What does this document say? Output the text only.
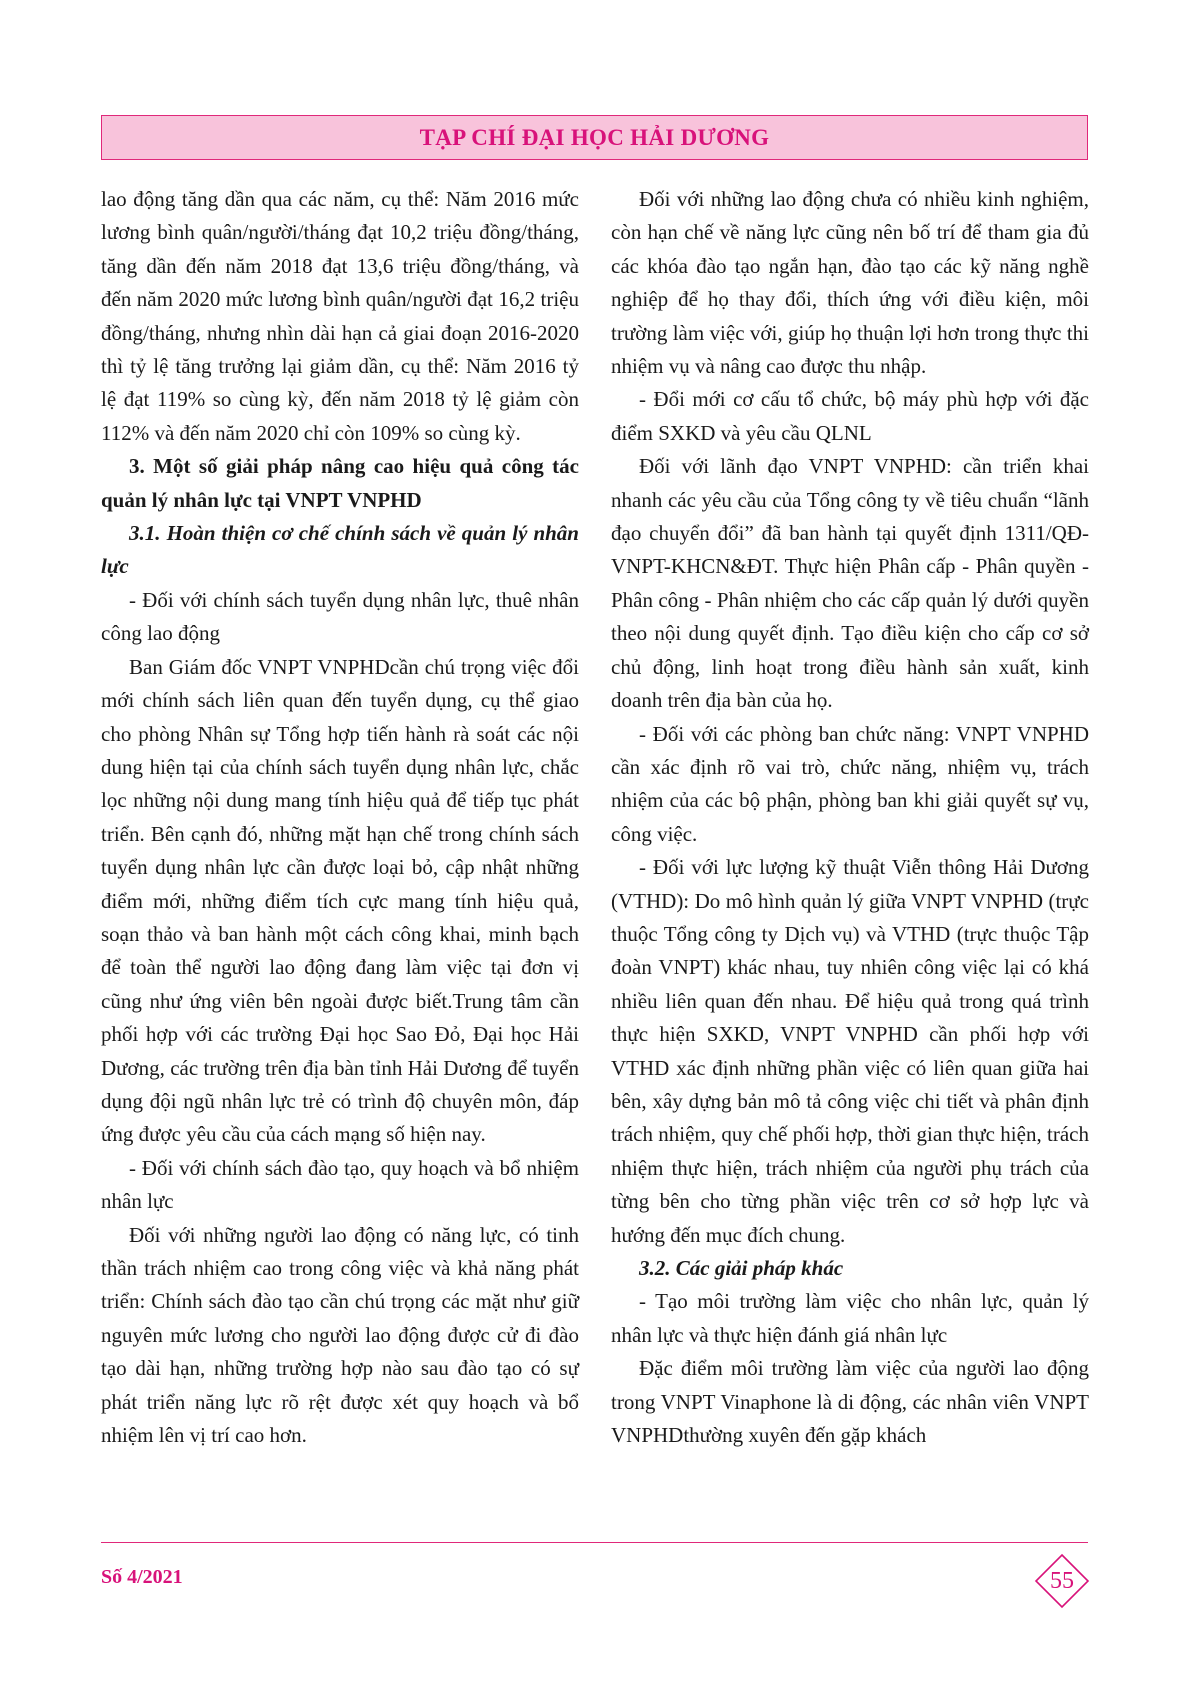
TẠP CHÍ ĐẠI HỌC HẢI DƯƠNG

lao động tăng dần qua các năm, cụ thể: Năm 2016 mức lương bình quân/người/tháng đạt 10,2 triệu đồng/tháng, tăng dần đến năm 2018 đạt 13,6 triệu đồng/tháng, và đến năm 2020 mức lương bình quân/người đạt 16,2 triệu đồng/tháng, nhưng nhìn dài hạn cả giai đoạn 2016-2020 thì tỷ lệ tăng trưởng lại giảm dần, cụ thể: Năm 2016 tỷ lệ đạt 119% so cùng kỳ, đến năm 2018 tỷ lệ giảm còn 112% và đến năm 2020 chỉ còn 109% so cùng kỳ.

3. Một số giải pháp nâng cao hiệu quả công tác quản lý nhân lực tại VNPT VNPHD

3.1. Hoàn thiện cơ chế chính sách về quản lý nhân lực

- Đối với chính sách tuyển dụng nhân lực, thuê nhân công lao động

Ban Giám đốc VNPT VNPHDcần chú trọng việc đổi mới chính sách liên quan đến tuyển dụng, cụ thể giao cho phòng Nhân sự Tổng hợp tiến hành rà soát các nội dung hiện tại của chính sách tuyển dụng nhân lực, chắc lọc những nội dung mang tính hiệu quả để tiếp tục phát triển. Bên cạnh đó, những mặt hạn chế trong chính sách tuyển dụng nhân lực cần được loại bỏ, cập nhật những điểm mới, những điểm tích cực mang tính hiệu quả, soạn thảo và ban hành một cách công khai, minh bạch để toàn thể người lao động đang làm việc tại đơn vị cũng như ứng viên bên ngoài được biết.Trung tâm cần phối hợp với các trường Đại học Sao Đỏ, Đại học Hải Dương, các trường trên địa bàn tỉnh Hải Dương để tuyển dụng đội ngũ nhân lực trẻ có trình độ chuyên môn, đáp ứng được yêu cầu của cách mạng số hiện nay.

- Đối với chính sách đào tạo, quy hoạch và bổ nhiệm nhân lực

Đối với những người lao động có năng lực, có tinh thần trách nhiệm cao trong công việc và khả năng phát triển: Chính sách đào tạo cần chú trọng các mặt như giữ nguyên mức lương cho người lao động được cử đi đào tạo dài hạn, những trường hợp nào sau đào tạo có sự phát triển năng lực rõ rệt được xét quy hoạch và bổ nhiệm lên vị trí cao hơn.

Đối với những lao động chưa có nhiều kinh nghiệm, còn hạn chế về năng lực cũng nên bố trí để tham gia đủ các khóa đào tạo ngắn hạn, đào tạo các kỹ năng nghề nghiệp để họ thay đổi, thích ứng với điều kiện, môi trường làm việc với, giúp họ thuận lợi hơn trong thực thi nhiệm vụ và nâng cao được thu nhập.

- Đổi mới cơ cấu tổ chức, bộ máy phù hợp với đặc điểm SXKD và yêu cầu QLNL

Đối với lãnh đạo VNPT VNPHD: cần triển khai nhanh các yêu cầu của Tổng công ty về tiêu chuẩn “lãnh đạo chuyển đổi” đã ban hành tại quyết định 1311/QĐ-VNPT-KHCN&ĐT. Thực hiện Phân cấp - Phân quyền - Phân công - Phân nhiệm cho các cấp quản lý dưới quyền theo nội dung quyết định. Tạo điều kiện cho cấp cơ sở chủ động, linh hoạt trong điều hành sản xuất, kinh doanh trên địa bàn của họ.

- Đối với các phòng ban chức năng: VNPT VNPHD cần xác định rõ vai trò, chức năng, nhiệm vụ, trách nhiệm của các bộ phận, phòng ban khi giải quyết sự vụ, công việc.

- Đối với lực lượng kỹ thuật Viễn thông Hải Dương (VTHD): Do mô hình quản lý giữa VNPT VNPHD (trực thuộc Tổng công ty Dịch vụ) và VTHD (trực thuộc Tập đoàn VNPT) khác nhau, tuy nhiên công việc lại có khá nhiều liên quan đến nhau. Để hiệu quả trong quá trình thực hiện SXKD, VNPT VNPHD cần phối hợp với VTHD xác định những phần việc có liên quan giữa hai bên, xây dựng bản mô tả công việc chi tiết và phân định trách nhiệm, quy chế phối hợp, thời gian thực hiện, trách nhiệm thực hiện, trách nhiệm của người phụ trách của từng bên cho từng phần việc trên cơ sở hợp lực và hướng đến mục đích chung.

3.2. Các giải pháp khác

- Tạo môi trường làm việc cho nhân lực, quản lý nhân lực và thực hiện đánh giá nhân lực

Đặc điểm môi trường làm việc của người lao động trong VNPT Vinaphone là di động, các nhân viên VNPT VNPHDthường xuyên đến gặp khách

Số 4/2021	55
